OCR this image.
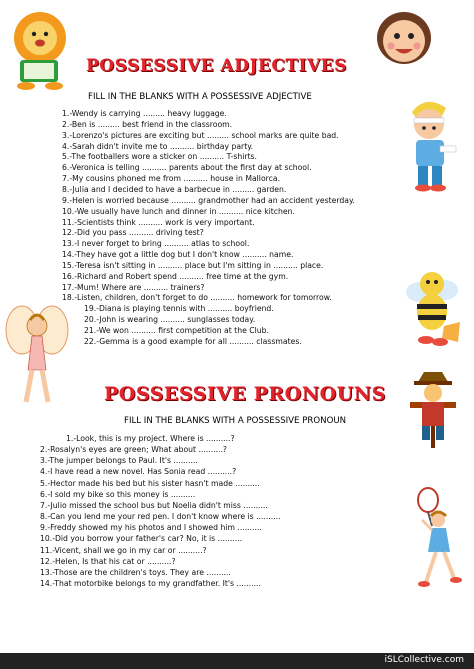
POSSESSIVE ADJECTIVES
FILL IN THE BLANKS WITH A POSSESSIVE ADJECTIVE
1.-Wendy is carrying ......... heavy luggage.
2.-Ben is ......... best friend in the classroom.
3.-Lorenzo's pictures are exciting but ......... school marks are quite bad.
4.-Sarah didn't invite me to .......... birthday party.
5.-The footballers wore a sticker on .......... T-shirts.
6.-Veronica is telling .......... parents about the first day at school.
7.-My cousins phoned me from .......... house in Mallorca.
8.-Julia and I decided to have a barbecue in ......... garden.
9.-Helen is worried because .......... grandmother had an accident yesterday.
10.-We usually have lunch and dinner in .......... nice kitchen.
11.-Scientists think .......... work is very important.
12.-Did you pass .......... driving test?
13.-I never forget to bring .......... atlas to school.
14.-They have got a little dog but I don't know .......... name.
15.-Teresa isn't sitting in .......... place but I'm sitting in .......... place.
16.-Richard and Robert spend .......... free time at the gym.
17.-Mum! Where are .......... trainers?
18.-Listen, children, don't forget to do .......... homework for tomorrow.
19.-Diana is playing tennis with .......... boyfriend.
20.-John is wearing .......... sunglasses today.
21.-We won .......... first competition at the Club.
22.-Gemma is a good example for all .......... classmates.
POSSESSIVE PRONOUNS
FILL IN THE BLANKS WITH A POSSESSIVE PRONOUN
1.-Look, this is my project. Where is ..........?
2.-Rosalyn's eyes are green; What about ..........?
3.-The jumper belongs to Paul. It's ..........
4.-I have read a new novel. Has Sonia read ..........?
5.-Hector made his bed but his sister hasn't made ..........
6.-I sold my bike so this money is ..........
7.-Julio missed the school bus but Noelia didn't miss ..........
8.-Can you lend me your red pen. I don't know where is ..........
9.-Freddy showed my his photos and I showed him ..........
10.-Did you borrow your father's car? No, it is ..........
11.-Vicent, shall we go in my car or ..........?
12.-Helen, Is that his cat or ..........?
13.-Those are the children's toys. They are ..........
14.-That motorbike belongs to my grandfather. It's ..........
iSLCollective.com
